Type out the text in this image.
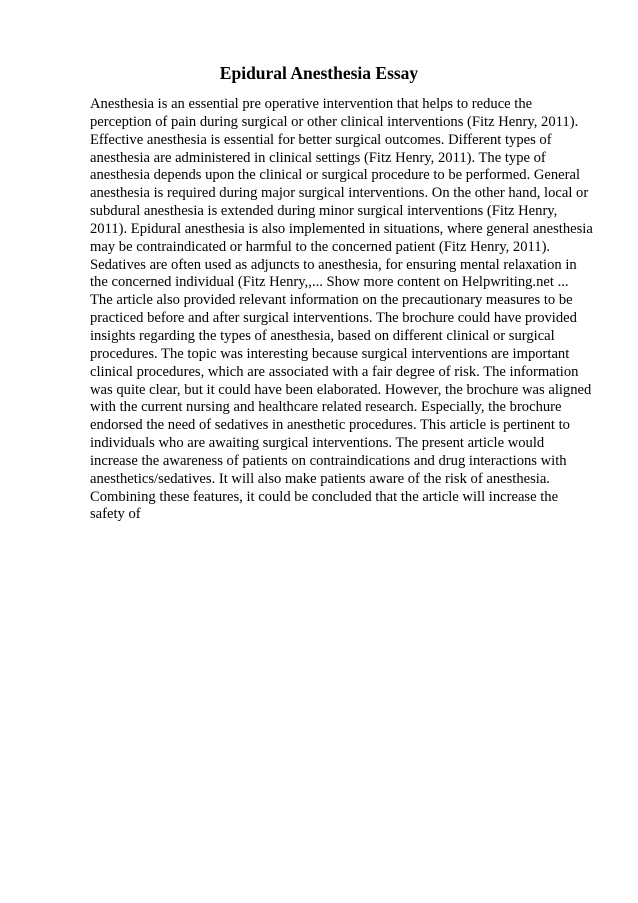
Epidural Anesthesia Essay
Anesthesia is an essential pre operative intervention that helps to reduce the
perception of pain during surgical or other clinical interventions (Fitz Henry, 2011).
Effective anesthesia is essential for better surgical outcomes. Different types of
anesthesia are administered in clinical settings (Fitz Henry, 2011). The type of
anesthesia depends upon the clinical or surgical procedure to be performed. General
anesthesia is required during major surgical interventions. On the other hand, local or
subdural anesthesia is extended during minor surgical interventions (Fitz Henry,
2011). Epidural anesthesia is also implemented in situations, where general anesthesia
may be contraindicated or harmful to the concerned patient (Fitz Henry, 2011).
Sedatives are often used as adjuncts to anesthesia, for ensuring mental relaxation in
the concerned individual (Fitz Henry,,... Show more content on Helpwriting.net ...
The article also provided relevant information on the precautionary measures to be
practiced before and after surgical interventions. The brochure could have provided
insights regarding the types of anesthesia, based on different clinical or surgical
procedures. The topic was interesting because surgical interventions are important
clinical procedures, which are associated with a fair degree of risk. The information
was quite clear, but it could have been elaborated. However, the brochure was aligned
with the current nursing and healthcare related research. Especially, the brochure
endorsed the need of sedatives in anesthetic procedures. This article is pertinent to
individuals who are awaiting surgical interventions. The present article would
increase the awareness of patients on contraindications and drug interactions with
anesthetics/sedatives. It will also make patients aware of the risk of anesthesia.
Combining these features, it could be concluded that the article will increase the
safety of
